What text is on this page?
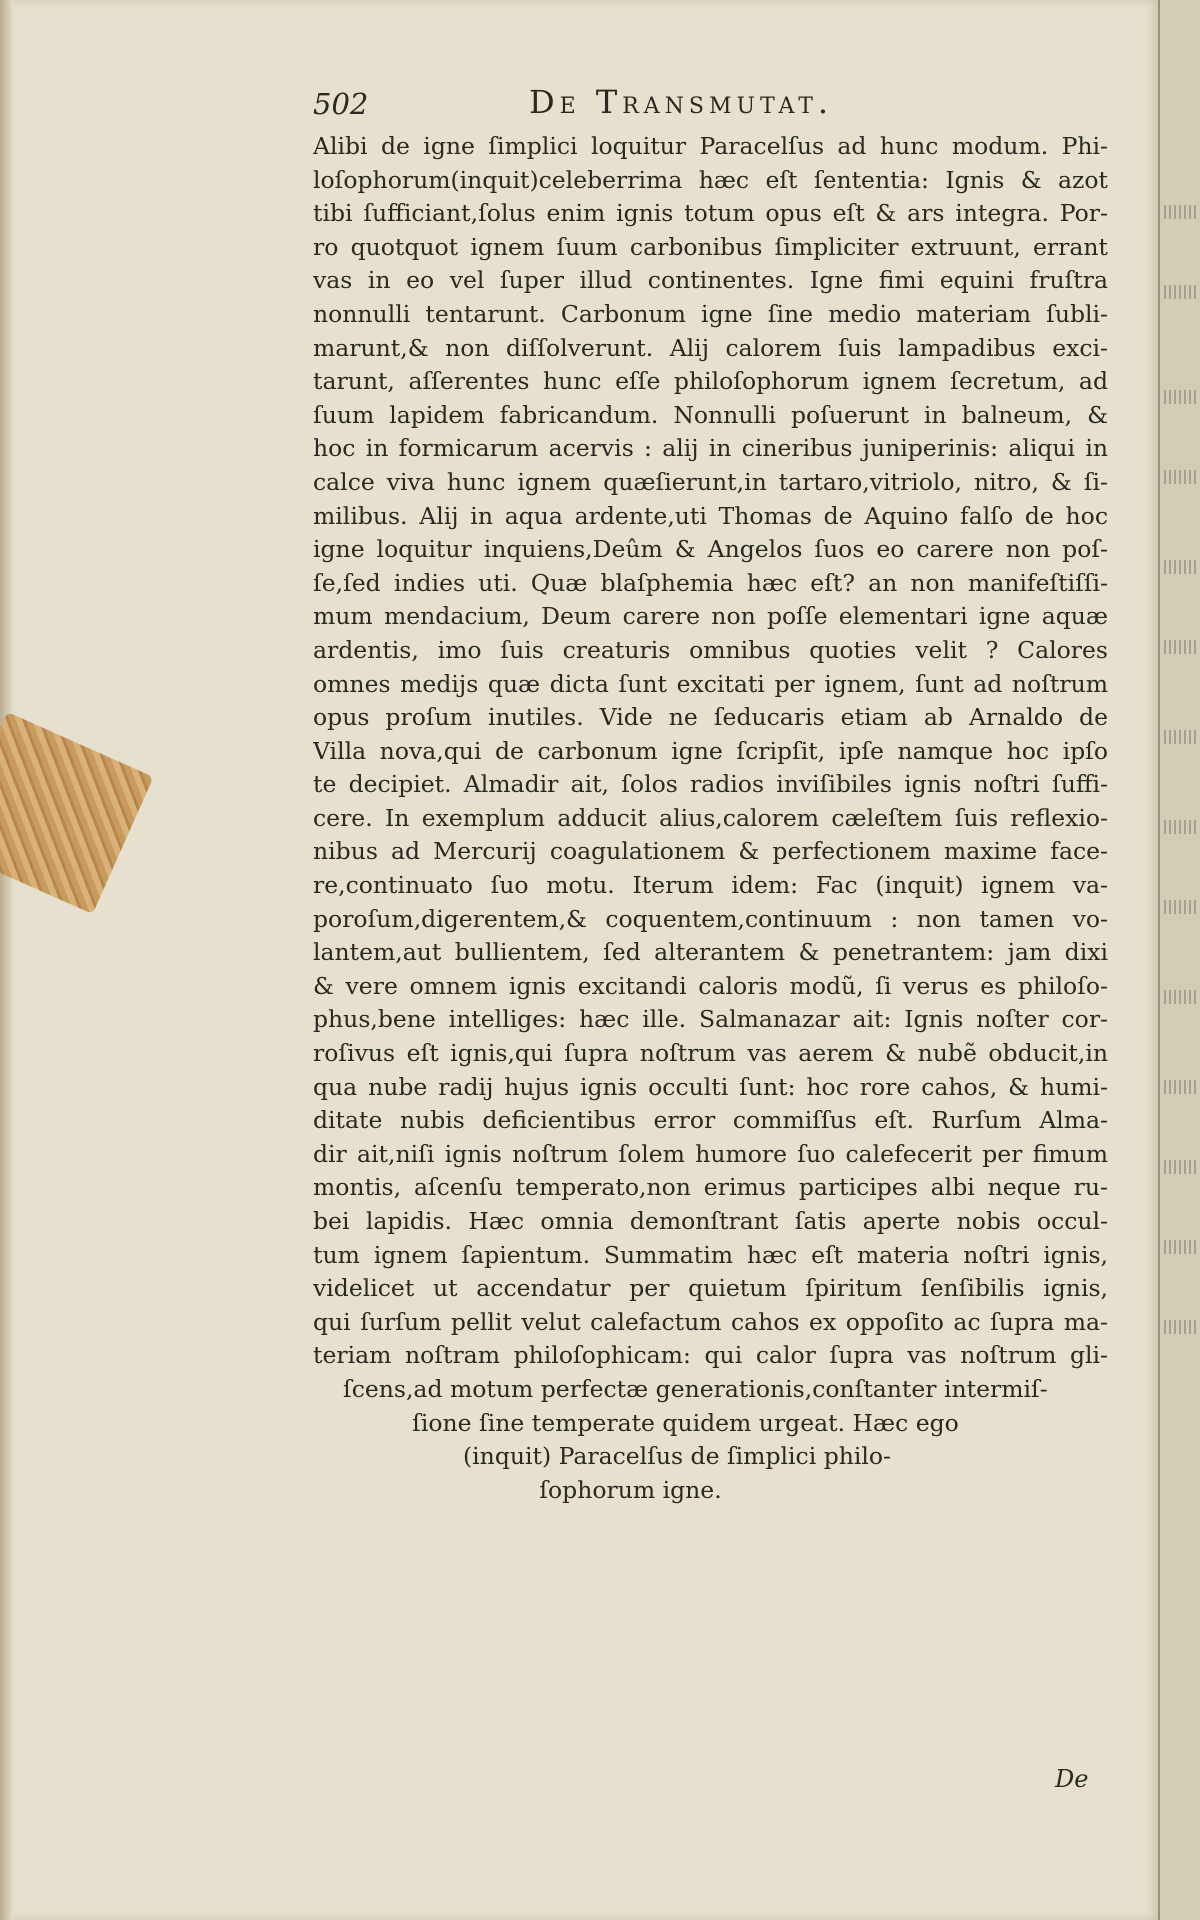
502	De Transmutat.
Alibi de igne ſimplici loquitur Paracelſus ad hunc modum. Phi-
loſophorum(inquit)celeberrima hæc eſt ſententia: Ignis & azot
tibi ſufficiant,ſolus enim ignis totum opus eſt & ars integra. Por-
ro quotquot ignem ſuum carbonibus ſimpliciter extruunt, errant
vas in eo vel ſuper illud continentes. Igne fimi equini fruſtra
nonnulli tentarunt. Carbonum igne ſine medio materiam ſubli-
marunt,& non diſſolverunt. Alij calorem ſuis lampadibus exci-
tarunt, aſſerentes hunc eſſe philoſophorum ignem ſecretum, ad
ſuum lapidem fabricandum. Nonnulli poſuerunt in balneum, &
hoc in formicarum acervis : alij in cineribus juniperinis: aliqui in
calce viva hunc ignem quæſierunt,in tartaro,vitriolo, nitro, & ſi-
milibus. Alij in aqua ardente,uti Thomas de Aquino falſo de hoc
igne loquitur inquiens,Deûm & Angelos ſuos eo carere non poſ-
ſe,ſed indies uti. Quæ blaſphemia hæc eſt? an non manifeſtiſſi-
mum mendacium, Deum carere non poſſe elementari igne aquæ
ardentis, imo ſuis creaturis omnibus quoties velit ? Calores
omnes medijs quæ dicta ſunt excitati per ignem, ſunt ad noſtrum
opus proſum inutiles. Vide ne ſeducaris etiam ab Arnaldo de
Villa nova,qui de carbonum igne ſcripſit, ipſe namque hoc ipſo
te decipiet. Almadir ait, ſolos radios inviſibiles ignis noſtri ſuffi-
cere. In exemplum adducit alius,calorem cæleſtem ſuis reflexio-
nibus ad Mercurij coagulationem & perfectionem maxime face-
re,continuato ſuo motu. Iterum idem: Fac (inquit) ignem va-
poroſum,digerentem,& coquentem,continuum : non tamen vo-
lantem,aut bullientem, ſed alterantem & penetrantem: jam dixi
& vere omnem ignis excitandi caloris modũ, ſi verus es philoſo-
phus,bene intelliges: hæc ille. Salmanazar ait: Ignis noſter cor-
roſivus eſt ignis,qui ſupra noſtrum vas aerem & nubẽ obducit,in
qua nube radij hujus ignis occulti ſunt: hoc rore cahos, & humi-
ditate nubis deficientibus error commiſſus eſt. Rurſum Alma-
dir ait,niſi ignis noſtrum ſolem humore ſuo calefecerit per fimum
montis, aſcenſu temperato,non erimus participes albi neque ru-
bei lapidis. Hæc omnia demonſtrant ſatis aperte nobis occul-
tum ignem ſapientum. Summatim hæc eſt materia noſtri ignis,
videlicet ut accendatur per quietum ſpiritum ſenſibilis ignis,
qui ſurſum pellit velut calefactum cahos ex oppoſito ac ſupra ma-
teriam noſtram philoſophicam: qui calor ſupra vas noſtrum gli-
ſcens,ad motum perfectæ generationis,conſtanter intermiſ-
ſione ſine temperate quidem urgeat. Hæc ego
(inquit) Paracelſus de ſimplici philo-
ſophorum igne.
De
